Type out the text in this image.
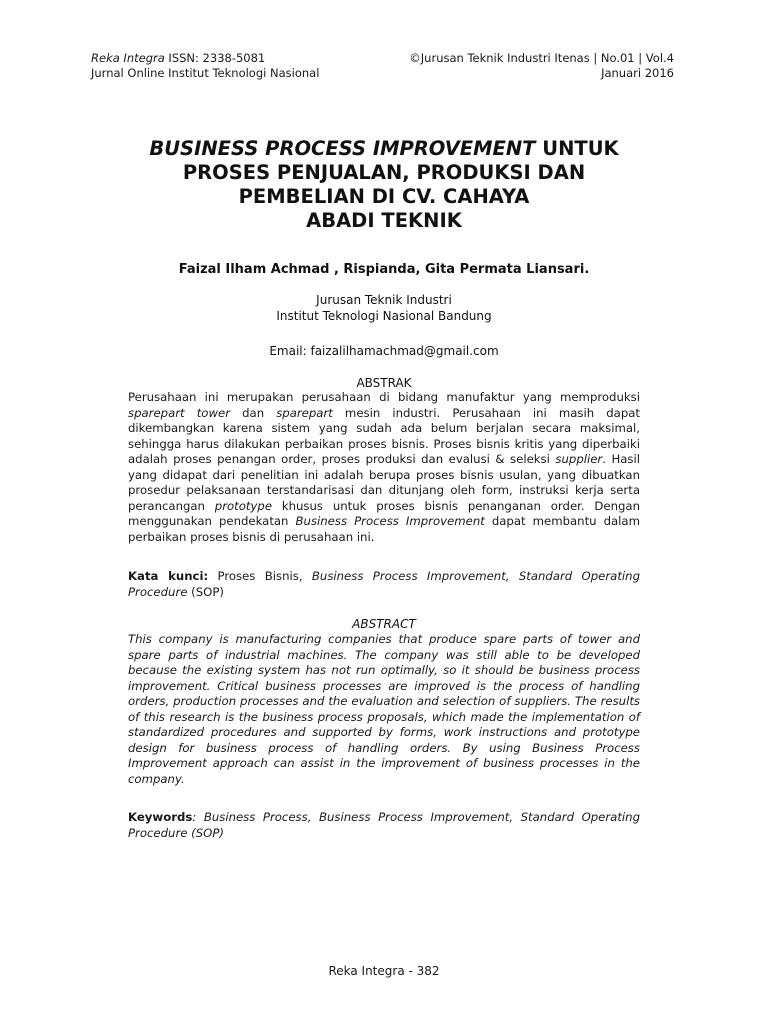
Reka Integra ISSN: 2338-5081
Jurnal Online Institut Teknologi Nasional
©Jurusan Teknik Industri Itenas | No.01 | Vol.4
Januari 2016
BUSINESS PROCESS IMPROVEMENT UNTUK
PROSES PENJUALAN, PRODUKSI DAN
PEMBELIAN DI CV. CAHAYA
ABADI TEKNIK
Faizal Ilham Achmad , Rispianda, Gita Permata Liansari.
Jurusan Teknik Industri
Institut Teknologi Nasional Bandung
Email: faizalilhamachmad@gmail.com
ABSTRAK
Perusahaan ini merupakan perusahaan di bidang manufaktur yang memproduksi sparepart tower dan sparepart mesin industri. Perusahaan ini masih dapat dikembangkan karena sistem yang sudah ada belum berjalan secara maksimal, sehingga harus dilakukan perbaikan proses bisnis. Proses bisnis kritis yang diperbaiki adalah proses penangan order, proses produksi dan evalusi & seleksi supplier. Hasil yang didapat dari penelitian ini adalah berupa proses bisnis usulan, yang dibuatkan prosedur pelaksanaan terstandarisasi dan ditunjang oleh form, instruksi kerja serta perancangan prototype khusus untuk proses bisnis penanganan order. Dengan menggunakan pendekatan Business Process Improvement dapat membantu dalam perbaikan proses bisnis di perusahaan ini.
Kata kunci: Proses Bisnis, Business Process Improvement, Standard Operating Procedure (SOP)
ABSTRACT
This company is manufacturing companies that produce spare parts of tower and spare parts of industrial machines. The company was still able to be developed because the existing system has not run optimally, so it should be business process improvement. Critical business processes are improved is the process of handling orders, production processes and the evaluation and selection of suppliers. The results of this research is the business process proposals, which made the implementation of standardized procedures and supported by forms, work instructions and prototype design for business process of handling orders. By using Business Process Improvement approach can assist in the improvement of business processes in the company.
Keywords: Business Process, Business Process Improvement, Standard Operating Procedure (SOP)
Reka Integra - 382
